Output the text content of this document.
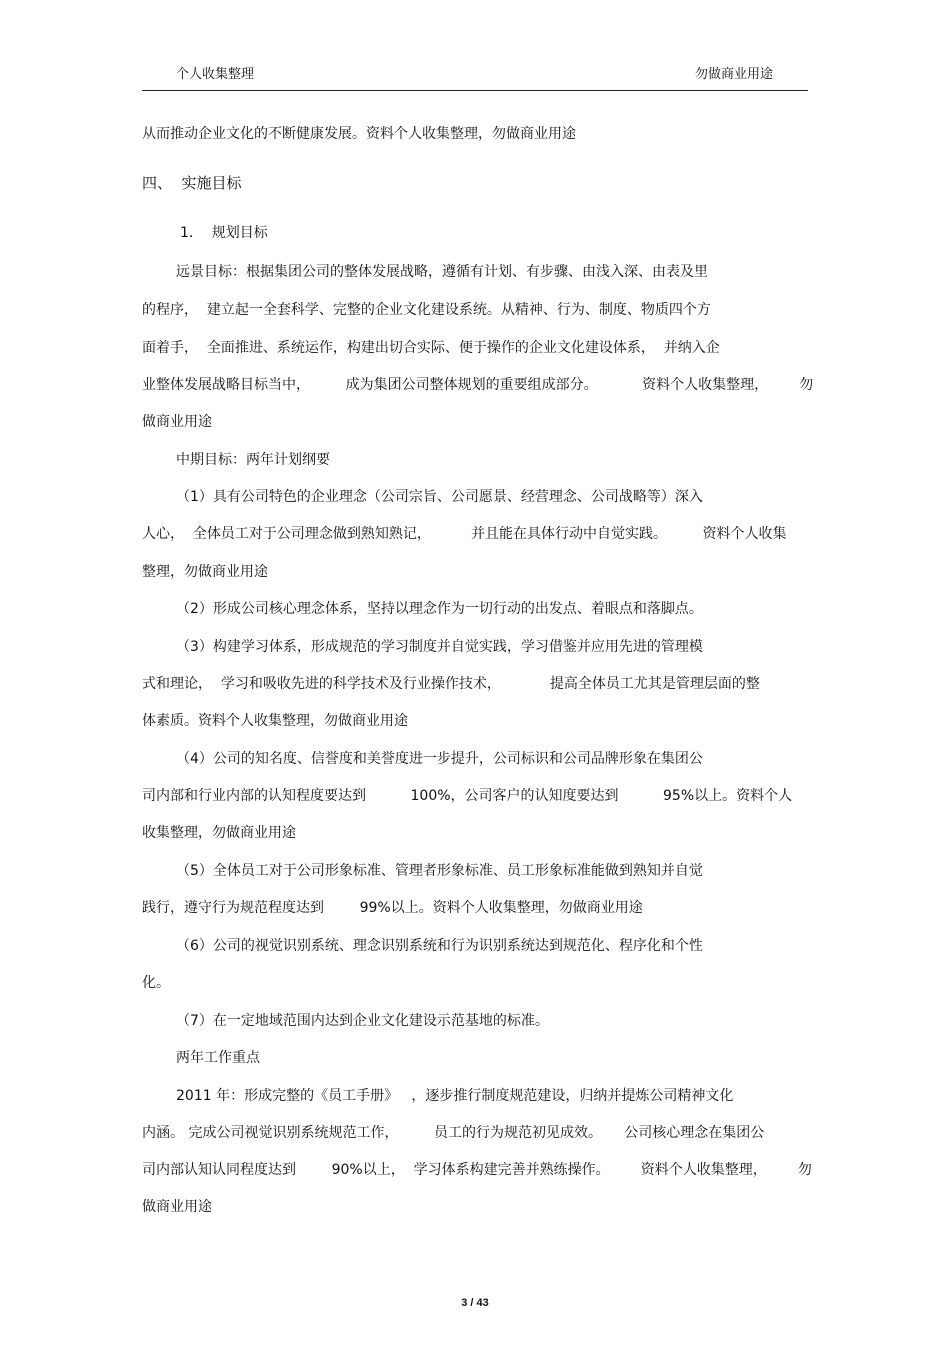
个人收集整理	勿做商业用途

从而推动企业文化的不断健康发展。资料个人收集整理，勿做商业用途

四、  实施目标

1．  规划目标

远景目标：根据集团公司的整体发展战略，遵循有计划、有步骤、由浅入深、由表及里

的程序，  建立起一全套科学、完整的企业文化建设系统。从精神、行为、制度、物质四个方

面着手，  全面推进、系统运作，构建出切合实际、便于操作的企业文化建设体系，  并纳入企

业整体发展战略目标当中，        成为集团公司整体规划的重要组成部分。          资料个人收集整理，       勿

做商业用途

中期目标：两年计划纲要

（1）具有公司特色的企业理念（公司宗旨、公司愿景、经营理念、公司战略等）深入

人心，  全体员工对于公司理念做到熟知熟记，         并且能在具体行动中自觉实践。        资料个人收集

整理，勿做商业用途

（2）形成公司核心理念体系，坚持以理念作为一切行动的出发点、着眼点和落脚点。

（3）构建学习体系，形成规范的学习制度并自觉实践，学习借鉴并应用先进的管理模

式和理论，  学习和吸收先进的科学技术及行业操作技术，           提高全体员工尤其是管理层面的整

体素质。资料个人收集整理，勿做商业用途

（4）公司的知名度、信誉度和美誉度进一步提升，公司标识和公司品牌形象在集团公

司内部和行业内部的认知程度要达到          100%，公司客户的认知度要达到          95%以上。资料个人

收集整理，勿做商业用途

（5）全体员工对于公司形象标准、管理者形象标准、员工形象标准能做到熟知并自觉

践行，遵守行为规范程度达到        99%以上。资料个人收集整理，勿做商业用途

（6）公司的视觉识别系统、理念识别系统和行为识别系统达到规范化、程序化和个性

化。

（7）在一定地域范围内达到企业文化建设示范基地的标准。

两年工作重点

2011 年：形成完整的《员工手册》   ，逐步推行制度规范建设，归纳并提炼公司精神文化

内涵。 完成公司视觉识别系统规范工作，        员工的行为规范初见成效。     公司核心理念在集团公

司内部认知认同程度达到        90%以上，  学习体系构建完善并熟练操作。       资料个人收集整理，       勿

做商业用途

3 / 43
